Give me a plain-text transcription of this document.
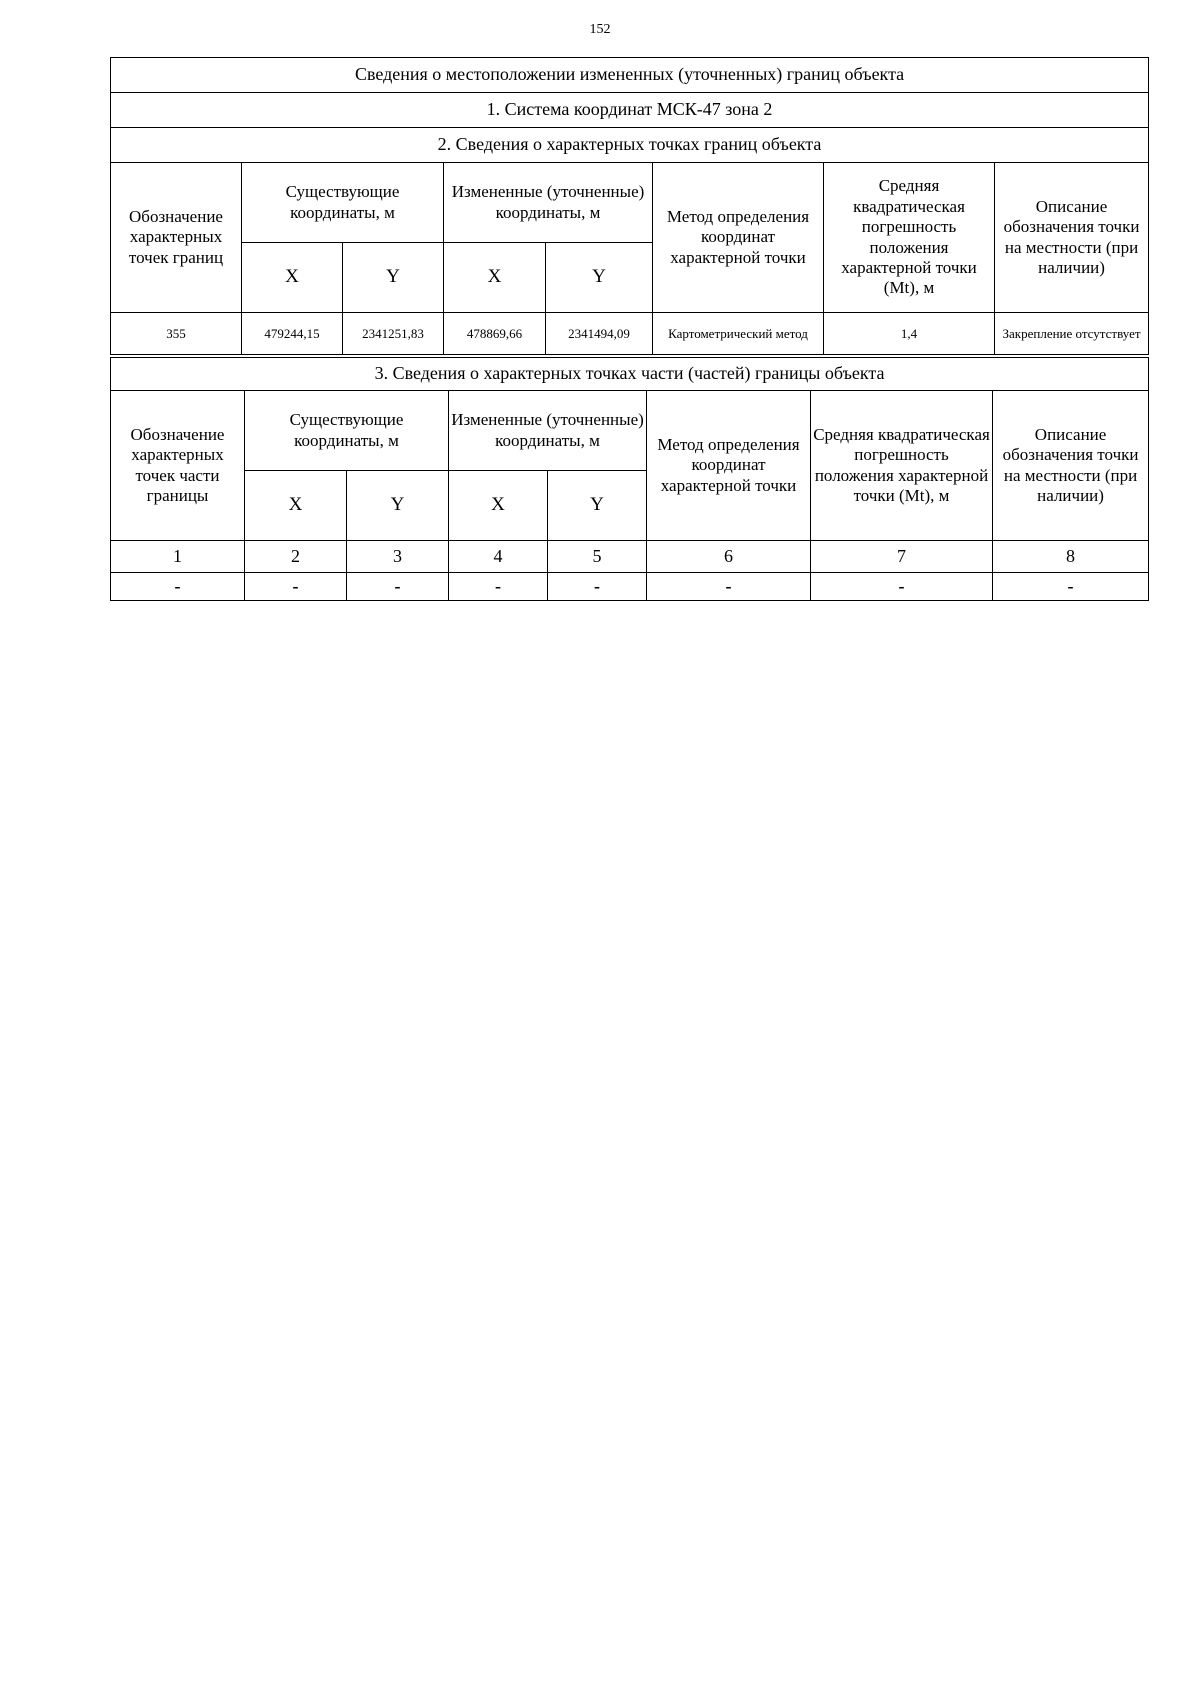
152
Сведения о местоположении измененных (уточненных) границ объекта							
1. Система координат МСК-47 зона 2							
2. Сведения о характерных точках границ объекта							
Обозначение характерных точек границ	Существующие координаты, м		Измененные (уточненные) координаты, м		Метод определения координат характерной точки	Средняя квадратическая погрешность положения характерной точки (Mt), м	Описание обозначения точки на местности (при наличии)
	X	Y	X	Y			
355	479244,15	2341251,83	478869,66	2341494,09	Картометрический метод	1,4	Закрепление отсутствует
3. Сведения о характерных точках части (частей) границы объекта							
Обозначение характерных точек части границы	Существующие координаты, м		Измененные (уточненные) координаты, м		Метод определения координат характерной точки	Средняя квадратическая погрешность положения характерной точки (Mt), м	Описание обозначения точки на местности (при наличии)
	X	Y	X	Y			
1	2	3	4	5	6	7	8
-	-	-	-	-	-	-	-
